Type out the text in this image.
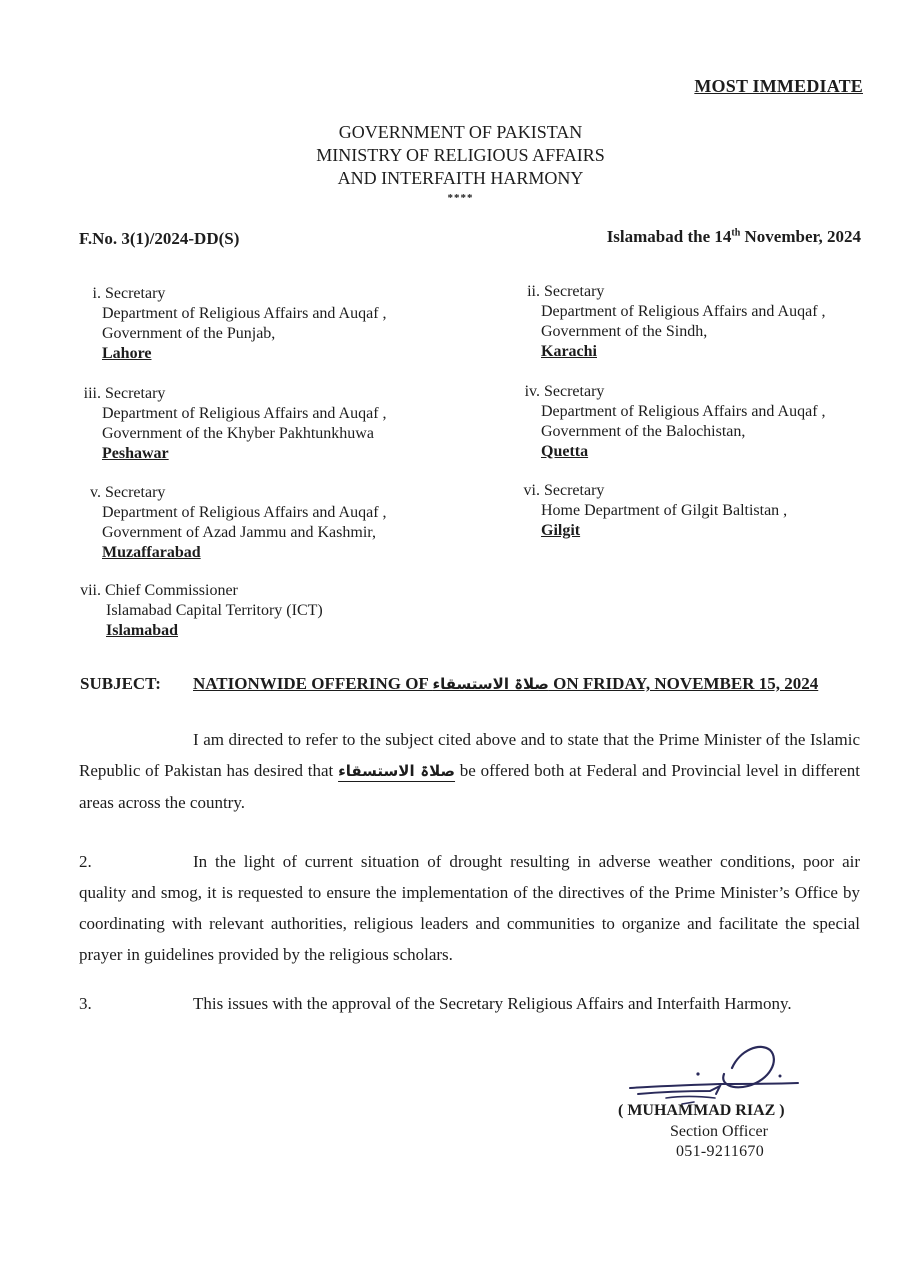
MOST IMMEDIATE
GOVERNMENT OF PAKISTAN
MINISTRY OF RELIGIOUS AFFAIRS
AND INTERFAITH HARMONY
****
F.No. 3(1)/2024-DD(S)	Islamabad the 14th November, 2024
i. Secretary
Department of Religious Affairs and Auqaf ,
Government of the Punjab,
Lahore
ii. Secretary
Department of Religious Affairs and Auqaf ,
Government of the Sindh,
Karachi
iii. Secretary
Department of Religious Affairs and Auqaf ,
Government of the Khyber Pakhtunkhuwa
Peshawar
iv. Secretary
Department of Religious Affairs and Auqaf ,
Government of the Balochistan,
Quetta
v. Secretary
Department of Religious Affairs and Auqaf ,
Government of Azad Jammu and Kashmir,
Muzaffarabad
vi. Secretary
Home Department of Gilgit Baltistan ,
Gilgit
vii. Chief Commissioner
Islamabad Capital Territory (ICT)
Islamabad
SUBJECT: NATIONWIDE OFFERING OF صلاۃ الاستسقاء ON FRIDAY, NOVEMBER 15, 2024
I am directed to refer to the subject cited above and to state that the Prime Minister of the Islamic Republic of Pakistan has desired that صلاۃ الاستسقاء be offered both at Federal and Provincial level in different areas across the country.
2.	In the light of current situation of drought resulting in adverse weather conditions, poor air quality and smog, it is requested to ensure the implementation of the directives of the Prime Minister’s Office by coordinating with relevant authorities, religious leaders and communities to organize and facilitate the special prayer in guidelines provided by the religious scholars.
3.	This issues with the approval of the Secretary Religious Affairs and Interfaith Harmony.
( MUHAMMAD RIAZ )
Section Officer
051-9211670
